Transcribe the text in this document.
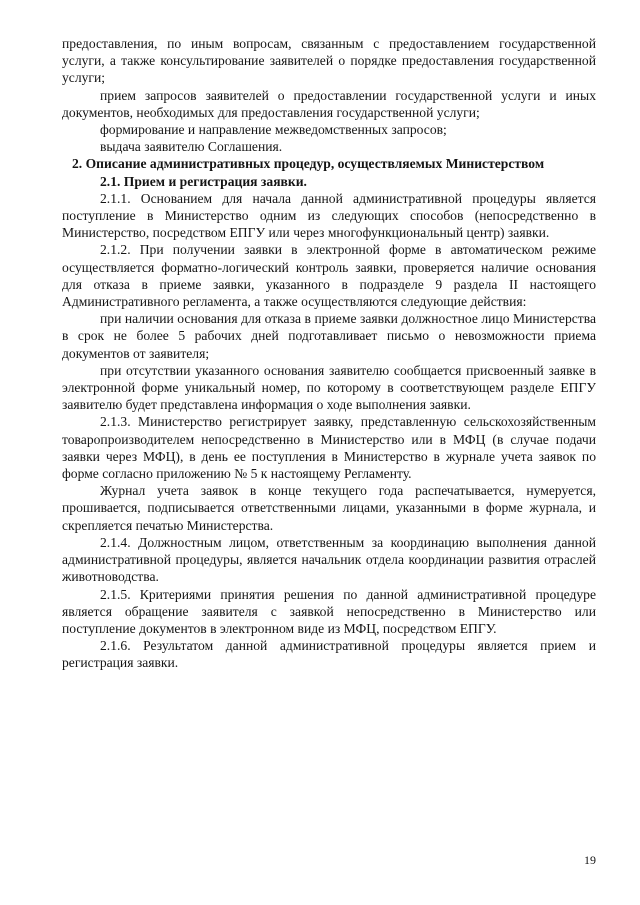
предоставления, по иным вопросам, связанным с предоставлением государственной услуги, а также консультирование заявителей о порядке предоставления государственной услуги;

прием запросов заявителей о предоставлении государственной услуги и иных документов, необходимых для предоставления государственной услуги;

формирование и направление межведомственных запросов;

выдача заявителю Соглашения.

2. Описание административных процедур, осуществляемых Министерством

2.1. Прием и регистрация заявки.

2.1.1. Основанием для начала данной административной процедуры является поступление в Министерство одним из следующих способов (непосредственно в Министерство, посредством ЕПГУ или через многофункциональный центр) заявки.

2.1.2. При получении заявки в электронной форме в автоматическом режиме осуществляется форматно-логический контроль заявки, проверяется наличие основания для отказа в приеме заявки, указанного в подразделе 9 раздела II настоящего Административного регламента, а также осуществляются следующие действия:

при наличии основания для отказа в приеме заявки должностное лицо Министерства в срок не более 5 рабочих дней подготавливает письмо о невозможности приема документов от заявителя;

при отсутствии указанного основания заявителю сообщается присвоенный заявке в электронной форме уникальный номер, по которому в соответствующем разделе ЕПГУ заявителю будет представлена информация о ходе выполнения заявки.

2.1.3. Министерство регистрирует заявку, представленную сельскохозяйственным товаропроизводителем непосредственно в Министерство или в МФЦ (в случае подачи заявки через МФЦ), в день ее поступления в Министерство в журнале учета заявок по форме согласно приложению № 5 к настоящему Регламенту.

Журнал учета заявок в конце текущего года распечатывается, нумеруется, прошивается, подписывается ответственными лицами, указанными в форме журнала, и скрепляется печатью Министерства.

2.1.4. Должностным лицом, ответственным за координацию выполнения данной административной процедуры, является начальник отдела координации развития отраслей животноводства.

2.1.5. Критериями принятия решения по данной административной процедуре является обращение заявителя с заявкой непосредственно в Министерство или поступление документов в электронном виде из МФЦ, посредством ЕПГУ.

2.1.6. Результатом данной административной процедуры является прием и регистрация заявки.

19
